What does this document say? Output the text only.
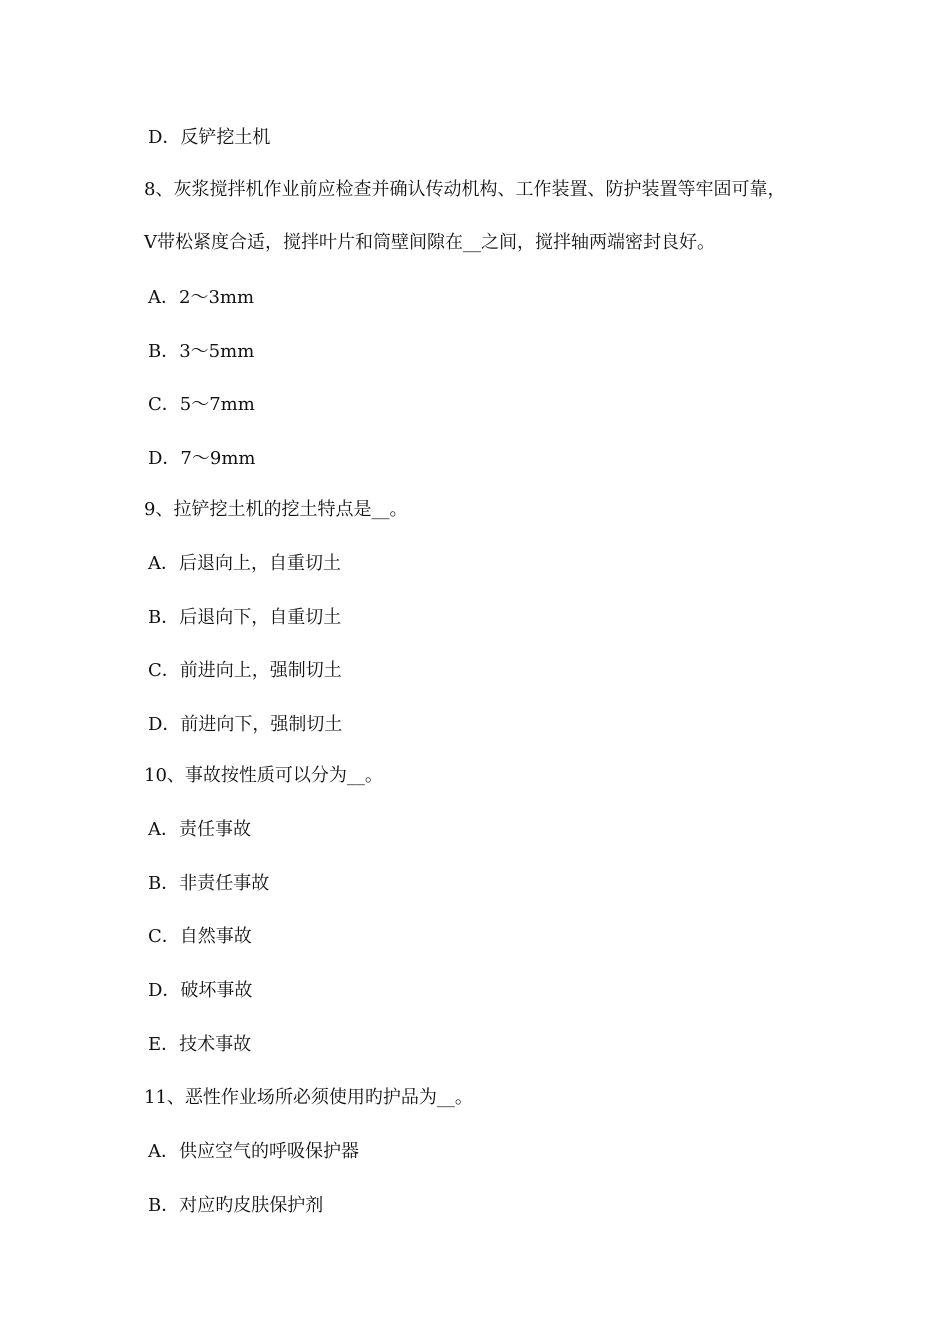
D．反铲挖土机
8、灰浆搅拌机作业前应检查并确认传动机构、工作装置、防护装置等牢固可靠，
V带松紧度合适，搅拌叶片和筒壁间隙在__之间，搅拌轴两端密封良好。
A．2～3mm
B．3～5mm
C．5～7mm
D．7～9mm
9、拉铲挖土机的挖土特点是__。
A．后退向上，自重切土
B．后退向下，自重切土
C．前进向上，强制切土
D．前进向下，强制切土
10、事故按性质可以分为__。
A．责任事故
B．非责任事故
C．自然事故
D．破坏事故
E．技术事故
11、恶性作业场所必须使用旳护品为__。
A．供应空气的呼吸保护器
B．对应旳皮肤保护剂
